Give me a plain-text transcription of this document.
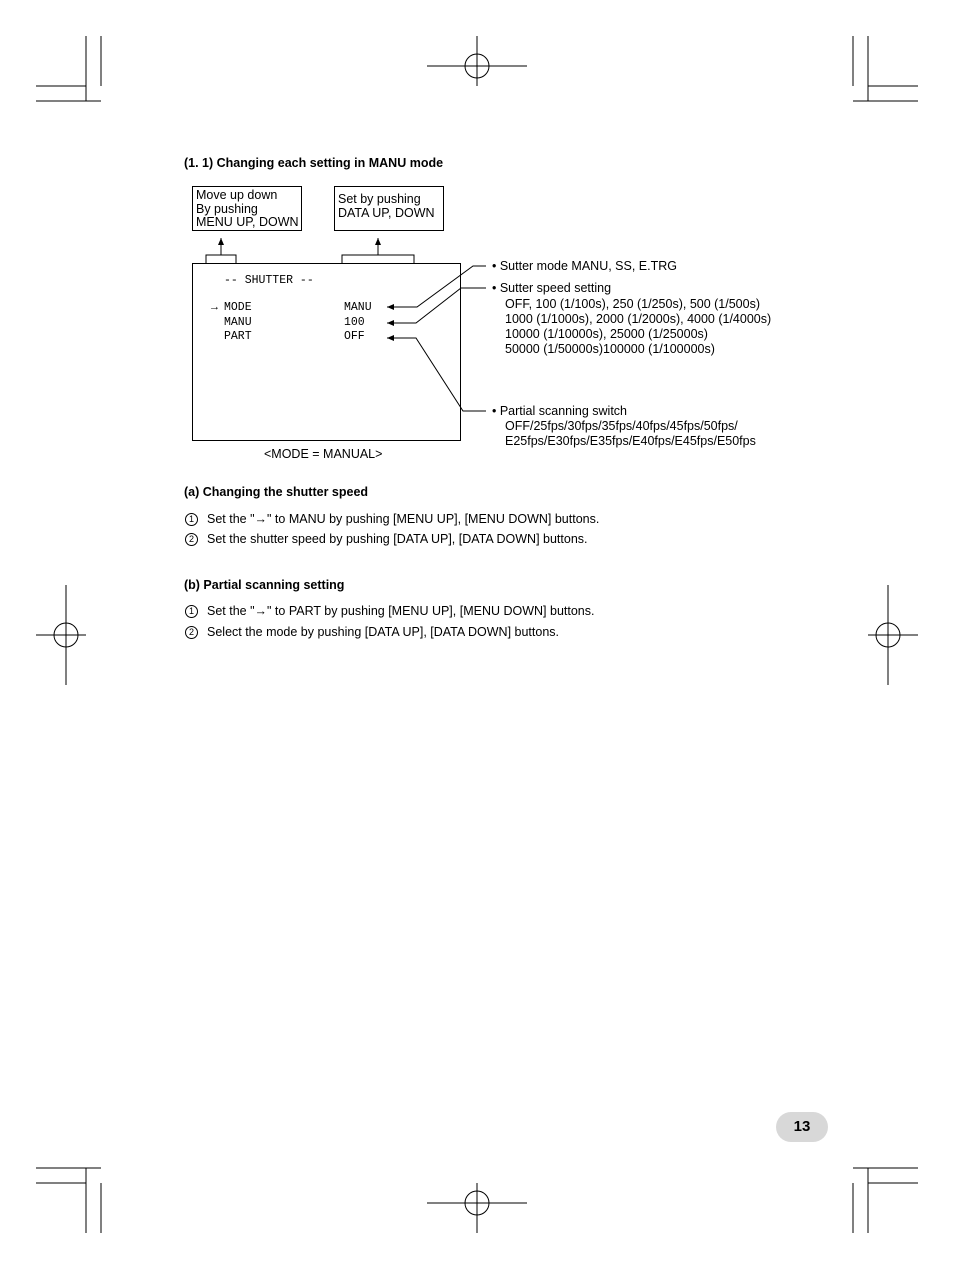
(1. 1) Changing each setting in MANU mode
Move up down
By pushing
MENU UP, DOWN
Set by pushing
DATA UP, DOWN
-- SHUTTER --
→ MODE	MANU
MANU	100
PART	OFF
<MODE = MANUAL>
• Sutter mode MANU, SS, E.TRG
• Sutter speed setting
OFF, 100 (1/100s), 250 (1/250s), 500 (1/500s)
1000 (1/1000s), 2000 (1/2000s), 4000 (1/4000s)
10000 (1/10000s), 25000 (1/25000s)
50000 (1/50000s)100000 (1/100000s)
• Partial scanning switch
OFF/25fps/30fps/35fps/40fps/45fps/50fps/
E25fps/E30fps/E35fps/E40fps/E45fps/E50fps
(a) Changing the shutter speed
1	Set the "→" to MANU by pushing [MENU UP], [MENU DOWN] buttons.
2	Set the shutter speed by pushing [DATA UP], [DATA DOWN] buttons.
(b) Partial scanning setting
1	Set the "→" to PART by pushing [MENU UP], [MENU DOWN] buttons.
2	Select the mode by pushing [DATA UP], [DATA DOWN] buttons.
13
